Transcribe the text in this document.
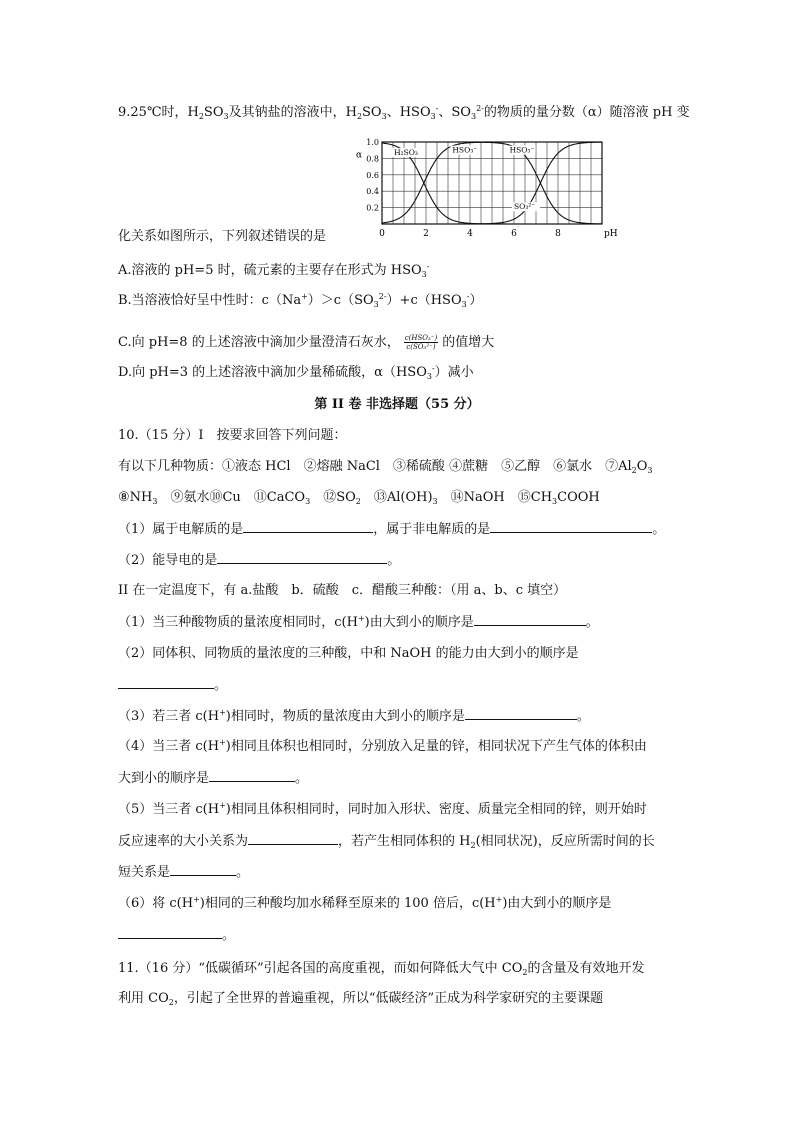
9.25℃时，$H_2SO_3$及其钠盐的溶液中，$H_2SO_3$、$HSO_3^-$、$SO_3^{2-}$的物质的量分数（α）随溶液 pH 变
0.2
0.4
0.6
0.8
1.0
0	2	4	6	8
α
pH
H₂SO₃	HSO₃⁻	HSO₃⁻
SO₃²⁻
化关系如图所示，下列叙述错误的是
A.溶液的 pH=5 时，硫元素的主要存在形式为 $HSO_3^-$
B.当溶液恰好呈中性时：$c(Na^+)>c(SO_3^{2-})+c(HSO_3^-)$
C.向 pH=8 的上述溶液中滴加少量澄清石灰水， $\frac{\text{c(HSO₃⁻)}}{\text{c(SO₃²⁻)}}$ 的值增大
D.向 pH=3 的上述溶液中滴加少量稀硫酸，$\alpha(HSO_3^-)$减小
第 II 卷 非选择题（55 分）
10.（15 分）I　按要求回答下列问题：
有以下几种物质：①液态 HCl　②熔融 NaCl　③稀硫酸 ④蔗糖　⑤乙醇　⑥氯水　$⑦Al_2O_3$
$⑧NH_3$　⑨氨水⑩Cu　⑪CaCO$_3$　$⑫SO_2$　$⑬Al(OH)_3$　⑭NaOH　$⑮CH_3COOH$
（1）属于电解质的是	，属于非电解质的是	。
（2）能导电的是	。
II 在一定温度下，有 a.盐酸　b．硫酸　c．醋酸三种酸：（用 a、b、c 填空）
（1）当三种酸物质的量浓度相同时，c(H+)由大到小的顺序是	。
（2）同体积、同物质的量浓度的三种酸，中和 NaOH 的能力由大到小的顺序是
。
（3）若三者 c(H+)相同时，物质的量浓度由大到小的顺序是	。
（4）当三者 c(H+)相同且体积也相同时，分别放入足量的锌，相同状况下产生气体的体积由
大到小的顺序是	。
（5）当三者 c(H+)相同且体积相同时，同时加入形状、密度、质量完全相同的锌，则开始时
反应速率的大小关系为	，若产生相同体积的 $H_2$(相同状况)，反应所需时间的长
短关系是	。
（6）将 c(H+)相同的三种酸均加水稀释至原来的 100 倍后，c(H+)由大到小的顺序是
。
11.（16 分）“低碳循环”引起各国的高度重视，而如何降低大气中 $CO_2$的含量及有效地开发
利用 $CO_2$，引起了全世界的普遍重视，所以“低碳经济”正成为科学家研究的主要课题
